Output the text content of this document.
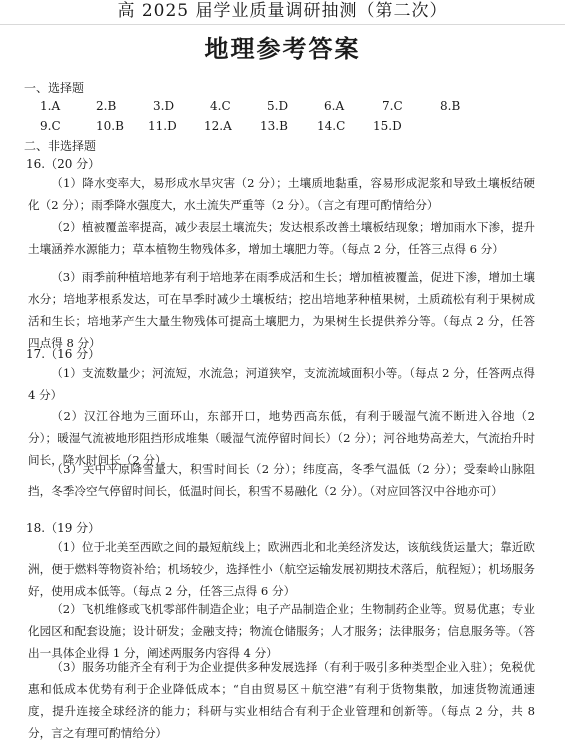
高 2025 届学业质量调研抽测（第二次）
地理参考答案
一、选择题
1.A	2.B	3.D	4.C	5.D	6.A	7.C	8.B
9.C	10.B 11.D 12.A 13.B 14.C 15.D
二、非选择题
16.（20 分）
（1）降水变率大，易形成水旱灾害（2 分）；土壤质地黏重，容易形成泥浆和导致土壤板结硬化（2 分）；雨季降水强度大，水土流失严重等（2 分）。（言之有理可酌情给分）
（2）植被覆盖率提高，减少表层土壤流失；发达根系改善土壤板结现象；增加雨水下渗，提升土壤涵养水源能力；草本植物生物残体多，增加土壤肥力等。（每点 2 分，任答三点得 6 分）
（3）雨季前种植培地茅有利于培地茅在雨季成活和生长；增加植被覆盖，促进下渗，增加土壤水分；培地茅根系发达，可在旱季时减少土壤板结；挖出培地茅种植果树，土质疏松有利于果树成活和生长；培地茅产生大量生物残体可提高土壤肥力，为果树生长提供养分等。（每点 2 分，任答四点得 8 分）
17.（16 分）
（1）支流数量少；河流短，水流急；河道狭窄，支流流域面积小等。（每点 2 分，任答两点得 4 分）
（2）汉江谷地为三面环山，东部开口，地势西高东低，有利于暖湿气流不断进入谷地（2 分）；暖湿气流被地形阻挡形成堆集（暖湿气流停留时间长）（2 分）；河谷地势高差大，气流抬升时间长，降水时间长（2 分）。
（3）关中平原降雪量大，积雪时间长（2 分）；纬度高，冬季气温低（2 分）；受秦岭山脉阻挡，冬季冷空气停留时间长，低温时间长，积雪不易融化（2 分）。（对应回答汉中谷地亦可）
18.（19 分）
（1）位于北美至西欧之间的最短航线上；欧洲西北和北美经济发达，该航线货运量大；靠近欧洲，便于燃料等物资补给；机场较少，选择性小（航空运输发展初期技术落后，航程短）；机场服务好，使用成本低等。（每点 2 分，任答三点得 6 分）
（2）飞机维修或飞机零部件制造企业；电子产品制造企业；生物制药企业等。贸易优惠；专业化园区和配套设施；设计研发；金融支持；物流仓储服务；人才服务；法律服务；信息服务等。（答出一具体企业得 1 分，阐述两服务内容得 4 分）
（3）服务功能齐全有利于为企业提供多种发展选择（有利于吸引多种类型企业入驻）；免税优惠和低成本优势有利于企业降低成本；“自由贸易区＋航空港”有利于货物集散，加速货物流通速度，提升连接全球经济的能力；科研与实业相结合有利于企业管理和创新等。（每点 2 分，共 8 分，言之有理可酌情给分）
